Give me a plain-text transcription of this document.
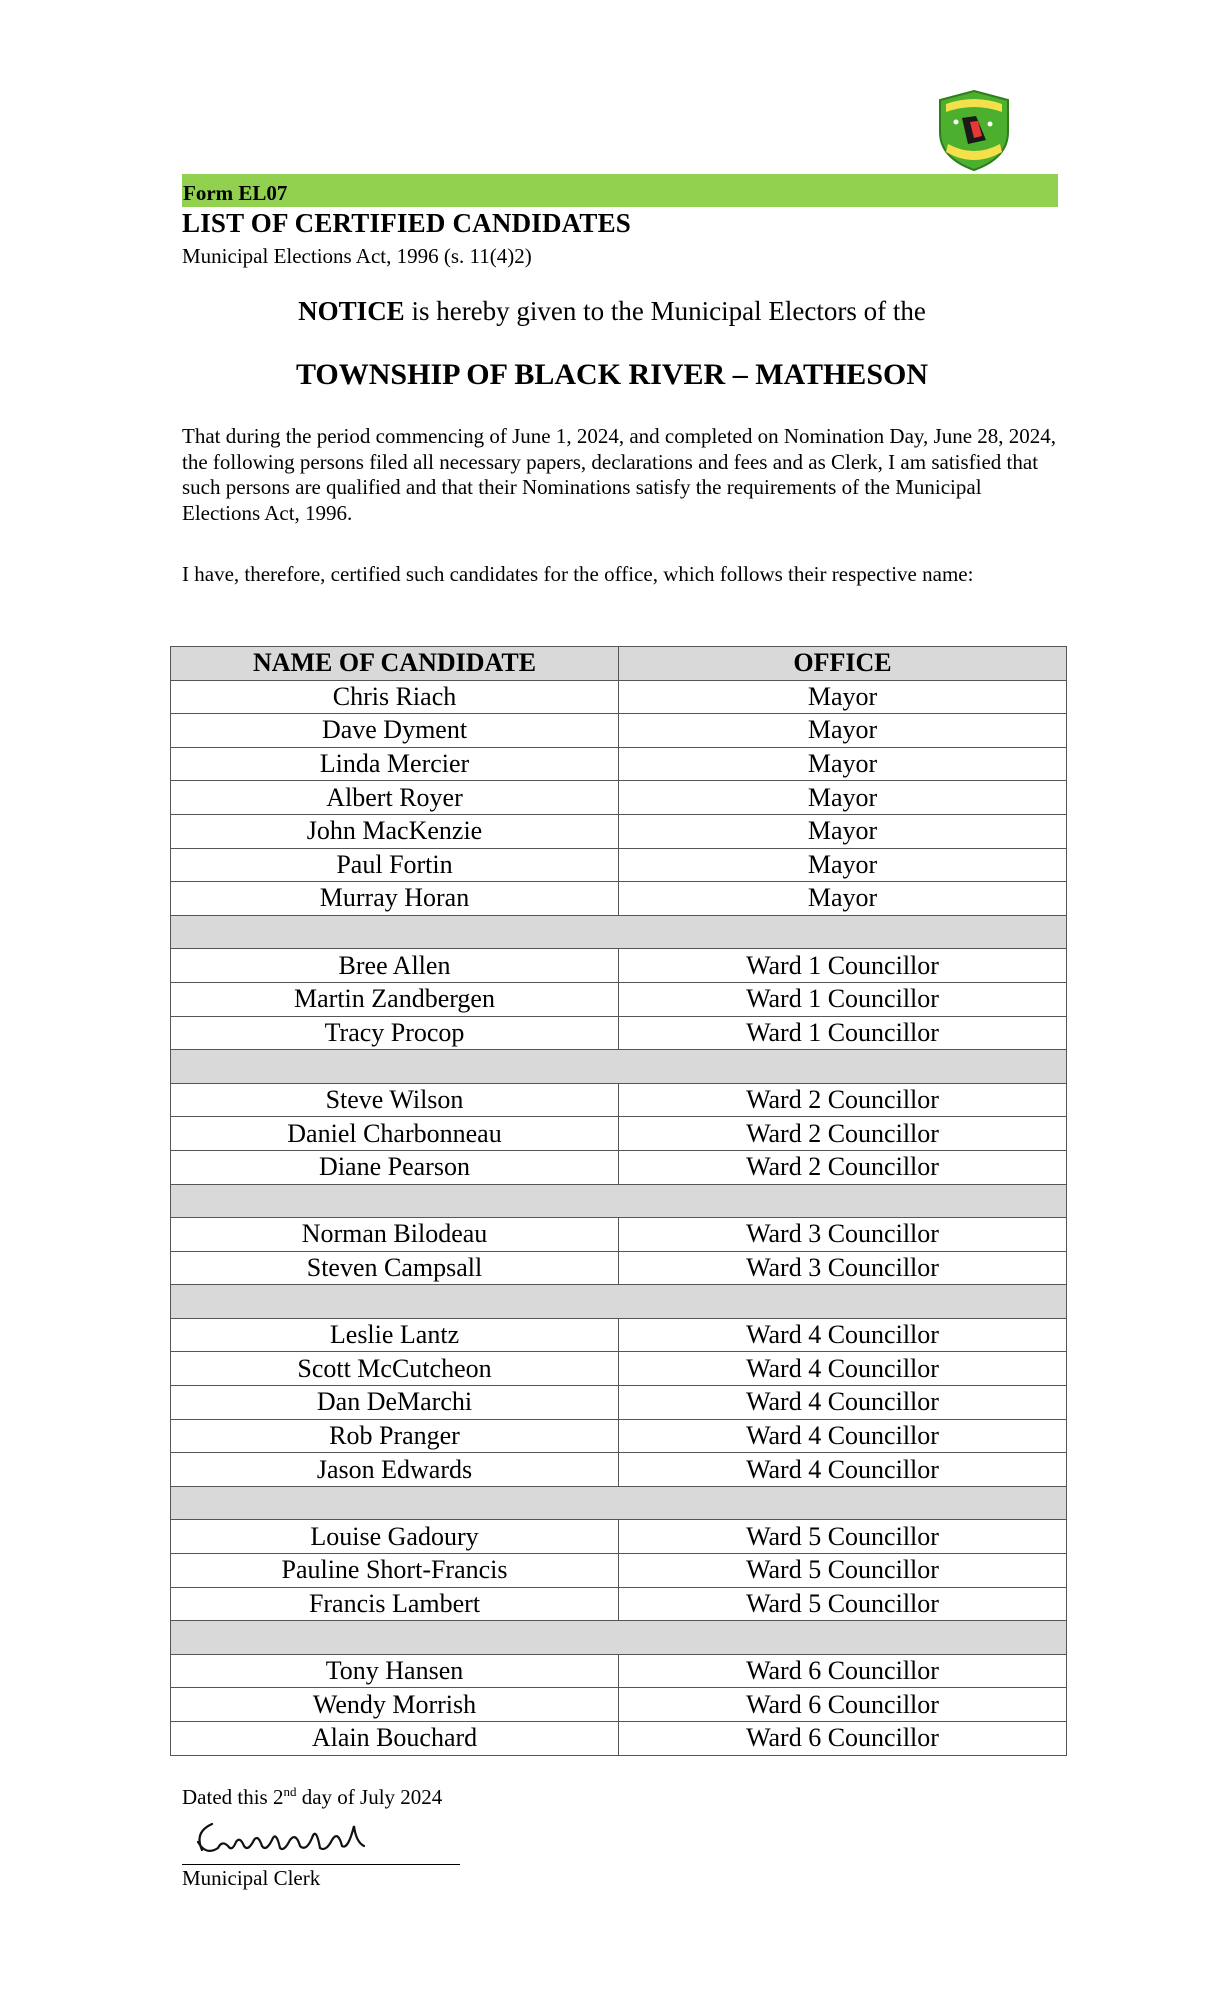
Form EL07
LIST OF CERTIFIED CANDIDATES
Municipal Elections Act, 1996 (s. 11(4)2)
NOTICE is hereby given to the Municipal Electors of the
TOWNSHIP OF BLACK RIVER – MATHESON
That during the period commencing of June 1, 2024, and completed on Nomination Day, June 28, 2024, the following persons filed all necessary papers, declarations and fees and as Clerk, I am satisfied that such persons are qualified and that their Nominations satisfy the requirements of the Municipal Elections Act, 1996.
I have, therefore, certified such candidates for the office, which follows their respective name:
NAME OF CANDIDATE	OFFICE
Chris Riach	Mayor
Dave Dyment	Mayor
Linda Mercier	Mayor
Albert Royer	Mayor
John MacKenzie	Mayor
Paul Fortin	Mayor
Murray Horan	Mayor

Bree Allen	Ward 1 Councillor
Martin Zandbergen	Ward 1 Councillor
Tracy Procop	Ward 1 Councillor

Steve Wilson	Ward 2 Councillor
Daniel Charbonneau	Ward 2 Councillor
Diane Pearson	Ward 2 Councillor

Norman Bilodeau	Ward 3 Councillor
Steven Campsall	Ward 3 Councillor

Leslie Lantz	Ward 4 Councillor
Scott McCutcheon	Ward 4 Councillor
Dan DeMarchi	Ward 4 Councillor
Rob Pranger	Ward 4 Councillor
Jason Edwards	Ward 4 Councillor

Louise Gadoury	Ward 5 Councillor
Pauline Short-Francis	Ward 5 Councillor
Francis Lambert	Ward 5 Councillor

Tony Hansen	Ward 6 Councillor
Wendy Morrish	Ward 6 Councillor
Alain Bouchard	Ward 6 Councillor
Dated this 2nd day of July 2024
Municipal Clerk
